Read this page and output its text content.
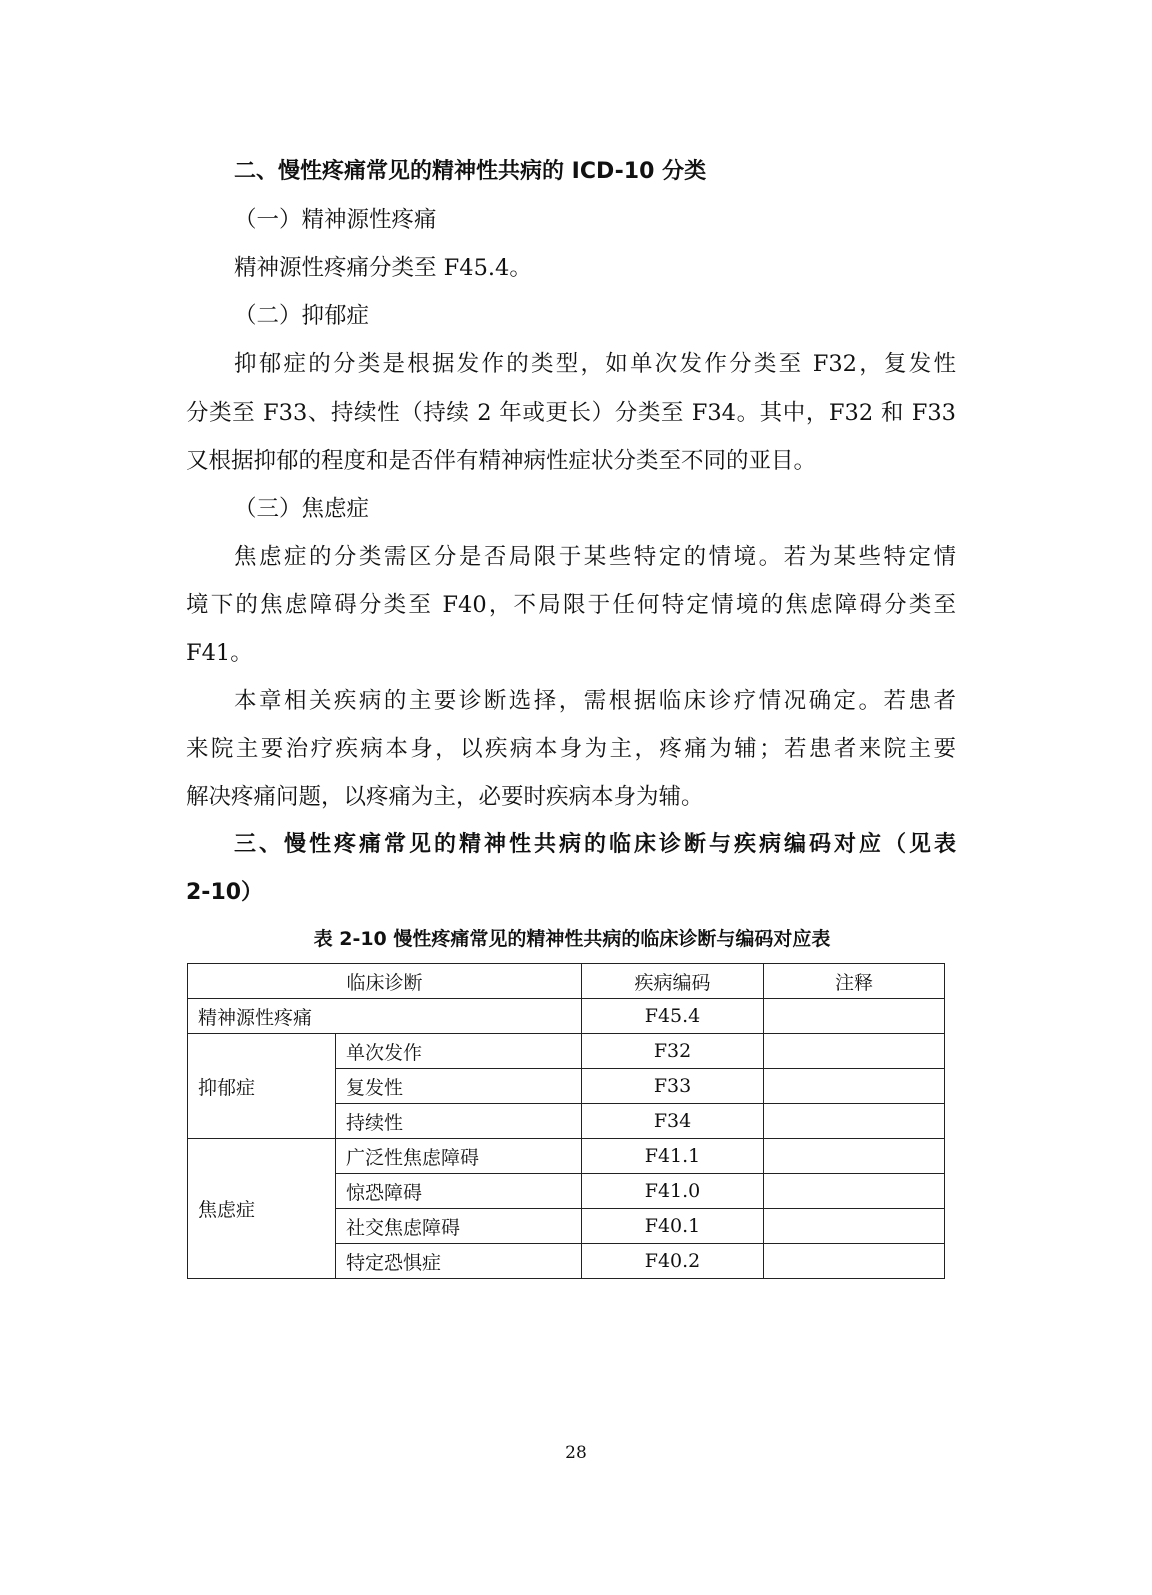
二、慢性疼痛常见的精神性共病的 ICD-10 分类
（一）精神源性疼痛
精神源性疼痛分类至 F45.4。
（二）抑郁症
抑郁症的分类是根据发作的类型，如单次发作分类至 F32，复发性
分类至 F33、持续性（持续 2 年或更长）分类至 F34。其中，F32 和 F33
又根据抑郁的程度和是否伴有精神病性症状分类至不同的亚目。
（三）焦虑症
焦虑症的分类需区分是否局限于某些特定的情境。若为某些特定情
境下的焦虑障碍分类至 F40，不局限于任何特定情境的焦虑障碍分类至
F41。
本章相关疾病的主要诊断选择，需根据临床诊疗情况确定。若患者
来院主要治疗疾病本身，以疾病本身为主，疼痛为辅；若患者来院主要
解决疼痛问题，以疼痛为主，必要时疾病本身为辅。
三、慢性疼痛常见的精神性共病的临床诊断与疾病编码对应（见表
2-10）
表 2-10 慢性疼痛常见的精神性共病的临床诊断与编码对应表
临床诊断		疾病编码	注释
精神源性疼痛		F45.4	
抑郁症	单次发作	F32	
	复发性	F33	
	持续性	F34	
焦虑症	广泛性焦虑障碍	F41.1	
	惊恐障碍	F41.0	
	社交焦虑障碍	F40.1	
	特定恐惧症	F40.2	
28
